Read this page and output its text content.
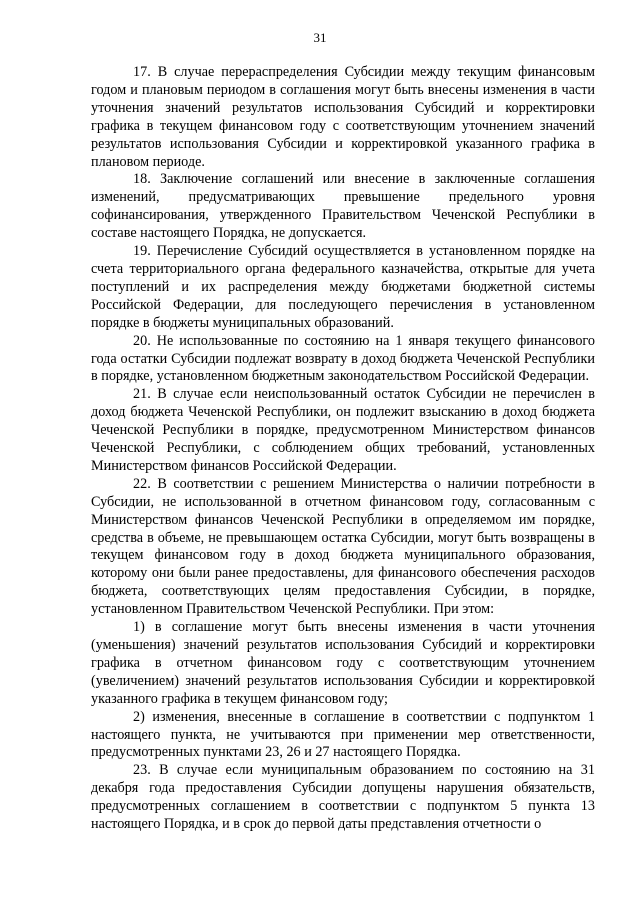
31

17. В случае перераспределения Субсидии между текущим финансовым годом и плановым периодом в соглашения могут быть внесены изменения в части уточнения значений результатов использования Субсидий и корректировки графика в текущем финансовом году с соответствующим уточнением значений результатов использования Субсидии и корректировкой указанного графика в плановом периоде.

18. Заключение соглашений или внесение в заключенные соглашения изменений, предусматривающих превышение предельного уровня софинансирования, утвержденного Правительством Чеченской Республики в составе настоящего Порядка, не допускается.

19. Перечисление Субсидий осуществляется в установленном порядке на счета территориального органа федерального казначейства, открытые для учета поступлений и их распределения между бюджетами бюджетной системы Российской Федерации, для последующего перечисления в установленном порядке в бюджеты муниципальных образований.

20. Не использованные по состоянию на 1 января текущего финансового года остатки Субсидии подлежат возврату в доход бюджета Чеченской Республики в порядке, установленном бюджетным законодательством Российской Федерации.

21. В случае если неиспользованный остаток Субсидии не перечислен в доход бюджета Чеченской Республики, он подлежит взысканию в доход бюджета Чеченской Республики в порядке, предусмотренном Министерством финансов Чеченской Республики, с соблюдением общих требований, установленных Министерством финансов Российской Федерации.

22. В соответствии с решением Министерства о наличии потребности в Субсидии, не использованной в отчетном финансовом году, согласованным с Министерством финансов Чеченской Республики в определяемом им порядке, средства в объеме, не превышающем остатка Субсидии, могут быть возвращены в текущем финансовом году в доход бюджета муниципального образования, которому они были ранее предоставлены, для финансового обеспечения расходов бюджета, соответствующих целям предоставления Субсидии, в порядке, установленном Правительством Чеченской Республики. При этом:

1) в соглашение могут быть внесены изменения в части уточнения (уменьшения) значений результатов использования Субсидий и корректировки графика в отчетном финансовом году с соответствующим уточнением (увеличением) значений результатов использования Субсидии и корректировкой указанного графика в текущем финансовом году;

2) изменения, внесенные в соглашение в соответствии с подпунктом 1 настоящего пункта, не учитываются при применении мер ответственности, предусмотренных пунктами 23, 26 и 27 настоящего Порядка.

23. В случае если муниципальным образованием по состоянию на 31 декабря года предоставления Субсидии допущены нарушения обязательств, предусмотренных соглашением в соответствии с подпунктом 5 пункта 13 настоящего Порядка, и в срок до первой даты представления отчетности о
